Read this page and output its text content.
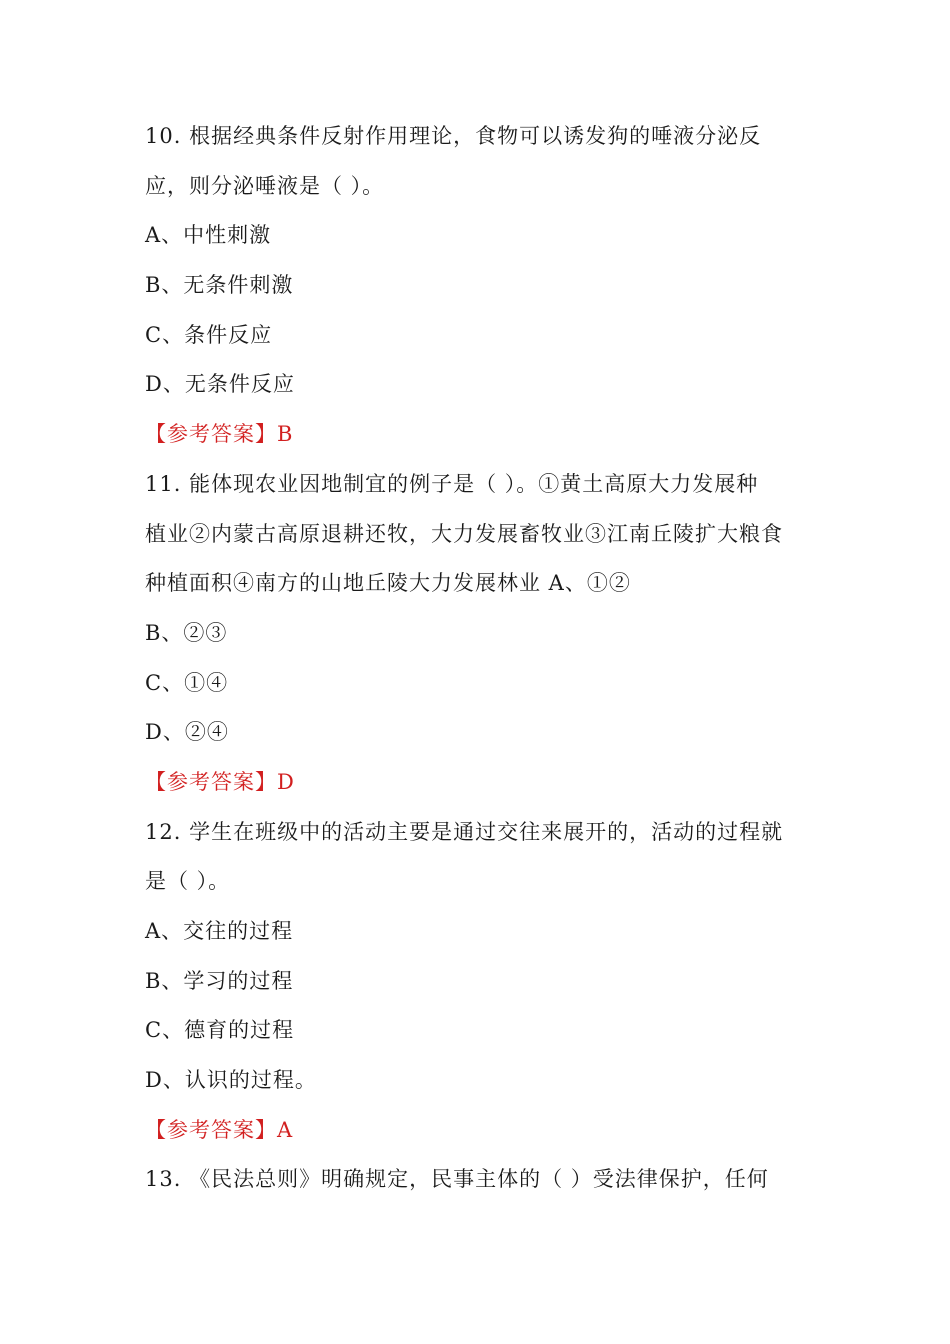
10. 根据经典条件反射作用理论，食物可以诱发狗的唾液分泌反
应，则分泌唾液是（ ）。
A、中性刺激
B、无条件刺激
C、条件反应
D、无条件反应
【参考答案】B
11. 能体现农业因地制宜的例子是（ ）。①黄土高原大力发展种
植业②内蒙古高原退耕还牧，大力发展畜牧业③江南丘陵扩大粮食
种植面积④南方的山地丘陵大力发展林业 A、①②
B、②③
C、①④
D、②④
【参考答案】D
12. 学生在班级中的活动主要是通过交往来展开的，活动的过程就
是（ ）。
A、交往的过程
B、学习的过程
C、德育的过程
D、认识的过程。
【参考答案】A
13. 《民法总则》明确规定，民事主体的（ ）受法律保护，任何
